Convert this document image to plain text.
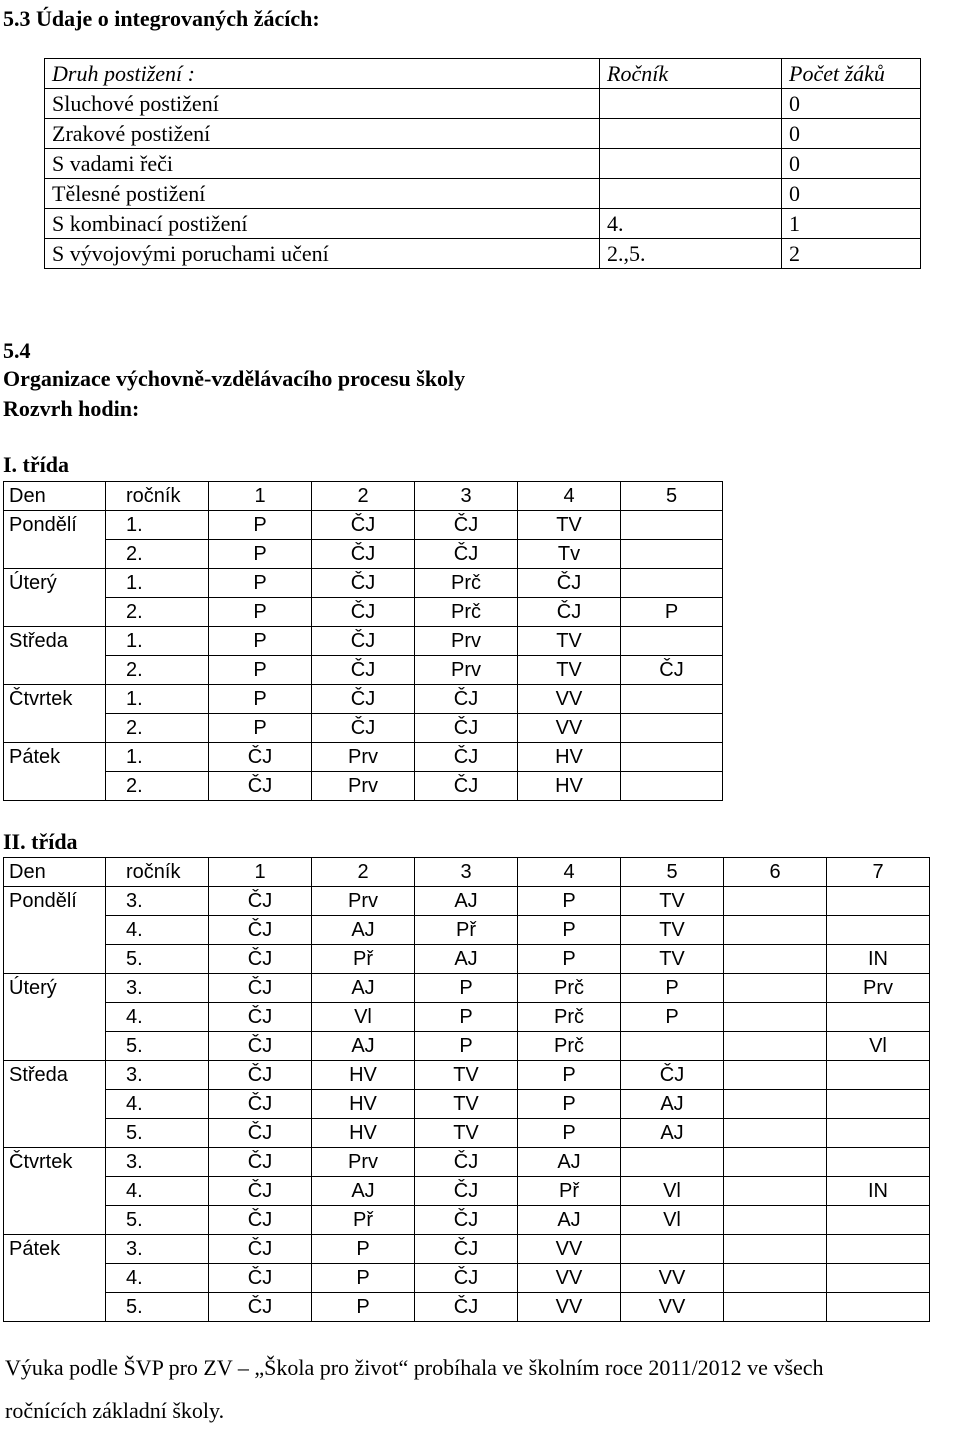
5.3 Údaje o integrovaných žácích:
Druh postižení :	Ročník	Počet žáků
Sluchové postižení		0
Zrakové postižení		0
S vadami řeči		0
Tělesné postižení		0
S kombinací postižení	4.	1
S vývojovými poruchami učení	2.,5.	2
5.4
Organizace výchovně-vzdělávacího procesu školy
Rozvrh hodin:
I. třída
Den	ročník	1	2	3	4	5
Pondělí	1.	P	ČJ	ČJ	TV	
	2.	P	ČJ	ČJ	Tv	
Úterý	1.	P	ČJ	Prč	ČJ	
	2.	P	ČJ	Prč	ČJ	P
Středa	1.	P	ČJ	Prv	TV	
	2.	P	ČJ	Prv	TV	ČJ
Čtvrtek	1.	P	ČJ	ČJ	VV	
	2.	P	ČJ	ČJ	VV	
Pátek	1.	ČJ	Prv	ČJ	HV	
	2.	ČJ	Prv	ČJ	HV	
II. třída
Den	ročník	1	2	3	4	5	6	7
Pondělí	3.	ČJ	Prv	AJ	P	TV		
	4.	ČJ	AJ	Př	P	TV		
	5.	ČJ	Př	AJ	P	TV		IN
Úterý	3.	ČJ	AJ	P	Prč	P		Prv
	4.	ČJ	Vl	P	Prč	P		
	5.	ČJ	AJ	P	Prč			Vl
Středa	3.	ČJ	HV	TV	P	ČJ		
	4.	ČJ	HV	TV	P	AJ		
	5.	ČJ	HV	TV	P	AJ		
Čtvrtek	3.	ČJ	Prv	ČJ	AJ			
	4.	ČJ	AJ	ČJ	Př	Vl		IN
	5.	ČJ	Př	ČJ	AJ	Vl		
Pátek	3.	ČJ	P	ČJ	VV			
	4.	ČJ	P	ČJ	VV	VV		
	5.	ČJ	P	ČJ	VV	VV		
Výuka podle ŠVP pro ZV – „Škola pro život“ probíhala ve školním roce 2011/2012 ve všech
ročnících základní školy.
